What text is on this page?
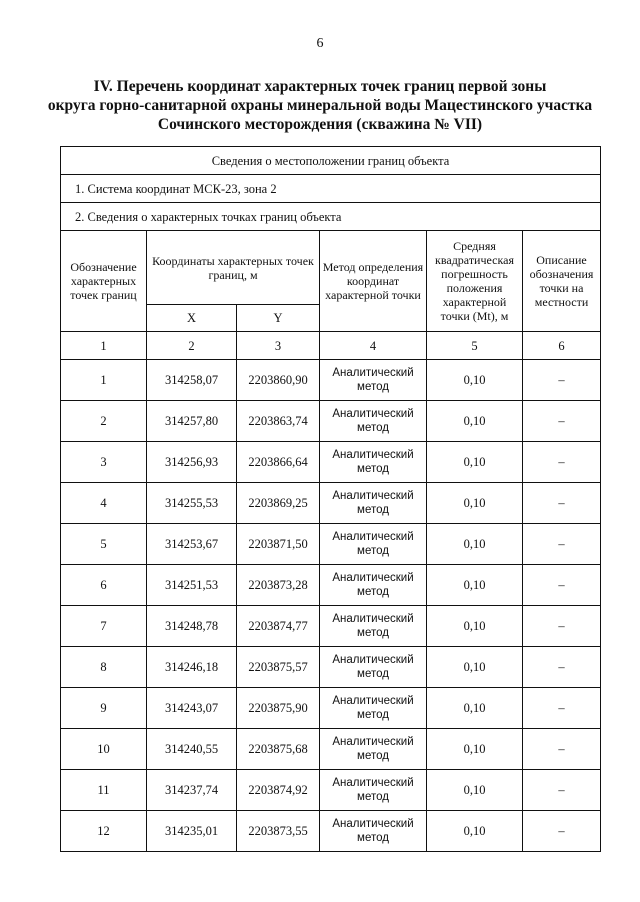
6
IV. Перечень координат характерных точек границ первой зоны
округа горно-санитарной охраны минеральной воды Мацестинского участка
Сочинского месторождения (скважина № VII)
Сведения о местоположении границ объекта					
1. Система координат МСК-23, зона 2					
2. Сведения о характерных точках границ объекта					
Обозначение характерных точек границ	Координаты характерных точек границ, м		Метод определения координат характерной точки	Средняя квадратическая погрешность положения характерной точки (Mt), м	Описание обозначения точки на местности
	X	Y			
1	2	3	4	5	6
1	314258,07	2203860,90	Аналитический метод	0,10	–
2	314257,80	2203863,74	Аналитический метод	0,10	–
3	314256,93	2203866,64	Аналитический метод	0,10	–
4	314255,53	2203869,25	Аналитический метод	0,10	–
5	314253,67	2203871,50	Аналитический метод	0,10	–
6	314251,53	2203873,28	Аналитический метод	0,10	–
7	314248,78	2203874,77	Аналитический метод	0,10	–
8	314246,18	2203875,57	Аналитический метод	0,10	–
9	314243,07	2203875,90	Аналитический метод	0,10	–
10	314240,55	2203875,68	Аналитический метод	0,10	–
11	314237,74	2203874,92	Аналитический метод	0,10	–
12	314235,01	2203873,55	Аналитический метод	0,10	–
